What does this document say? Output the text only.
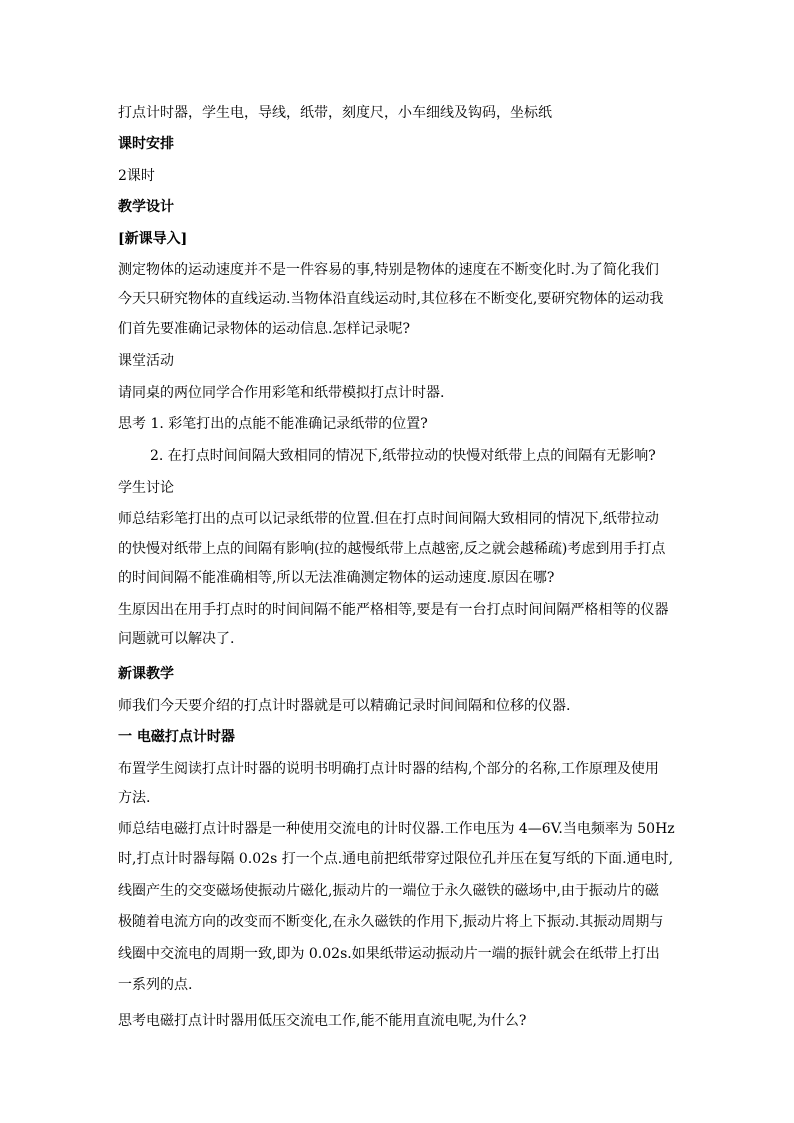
打点计时器，学生电，导线，纸带，刻度尺，小车细线及钩码，坐标纸
课时安排
2课时
教学设计
[新课导入]
测定物体的运动速度并不是一件容易的事,特别是物体的速度在不断变化时.为了简化我们
今天只研究物体的直线运动.当物体沿直线运动时,其位移在不断变化,要研究物体的运动我
们首先要准确记录物体的运动信息.怎样记录呢?
课堂活动
请同桌的两位同学合作用彩笔和纸带模拟打点计时器.
思考 1. 彩笔打出的点能不能准确记录纸带的位置?
2. 在打点时间间隔大致相同的情况下,纸带拉动的快慢对纸带上点的间隔有无影响?
学生讨论
师总结彩笔打出的点可以记录纸带的位置.但在打点时间间隔大致相同的情况下,纸带拉动
的快慢对纸带上点的间隔有影响(拉的越慢纸带上点越密,反之就会越稀疏)考虑到用手打点
的时间间隔不能准确相等,所以无法准确测定物体的运动速度.原因在哪?
生原因出在用手打点时的时间间隔不能严格相等,要是有一台打点时间间隔严格相等的仪器
问题就可以解决了.
新课教学
师我们今天要介绍的打点计时器就是可以精确记录时间间隔和位移的仪器.
一 电磁打点计时器
布置学生阅读打点计时器的说明书明确打点计时器的结构,个部分的名称,工作原理及使用
方法.
师总结电磁打点计时器是一种使用交流电的计时仪器.工作电压为 4—6V.当电频率为 50Hz
时,打点计时器每隔 0.02s 打一个点.通电前把纸带穿过限位孔并压在复写纸的下面.通电时,
线圈产生的交变磁场使振动片磁化,振动片的一端位于永久磁铁的磁场中,由于振动片的磁
极随着电流方向的改变而不断变化,在永久磁铁的作用下,振动片将上下振动.其振动周期与
线圈中交流电的周期一致,即为 0.02s.如果纸带运动振动片一端的振针就会在纸带上打出
一系列的点.
思考电磁打点计时器用低压交流电工作,能不能用直流电呢,为什么?
